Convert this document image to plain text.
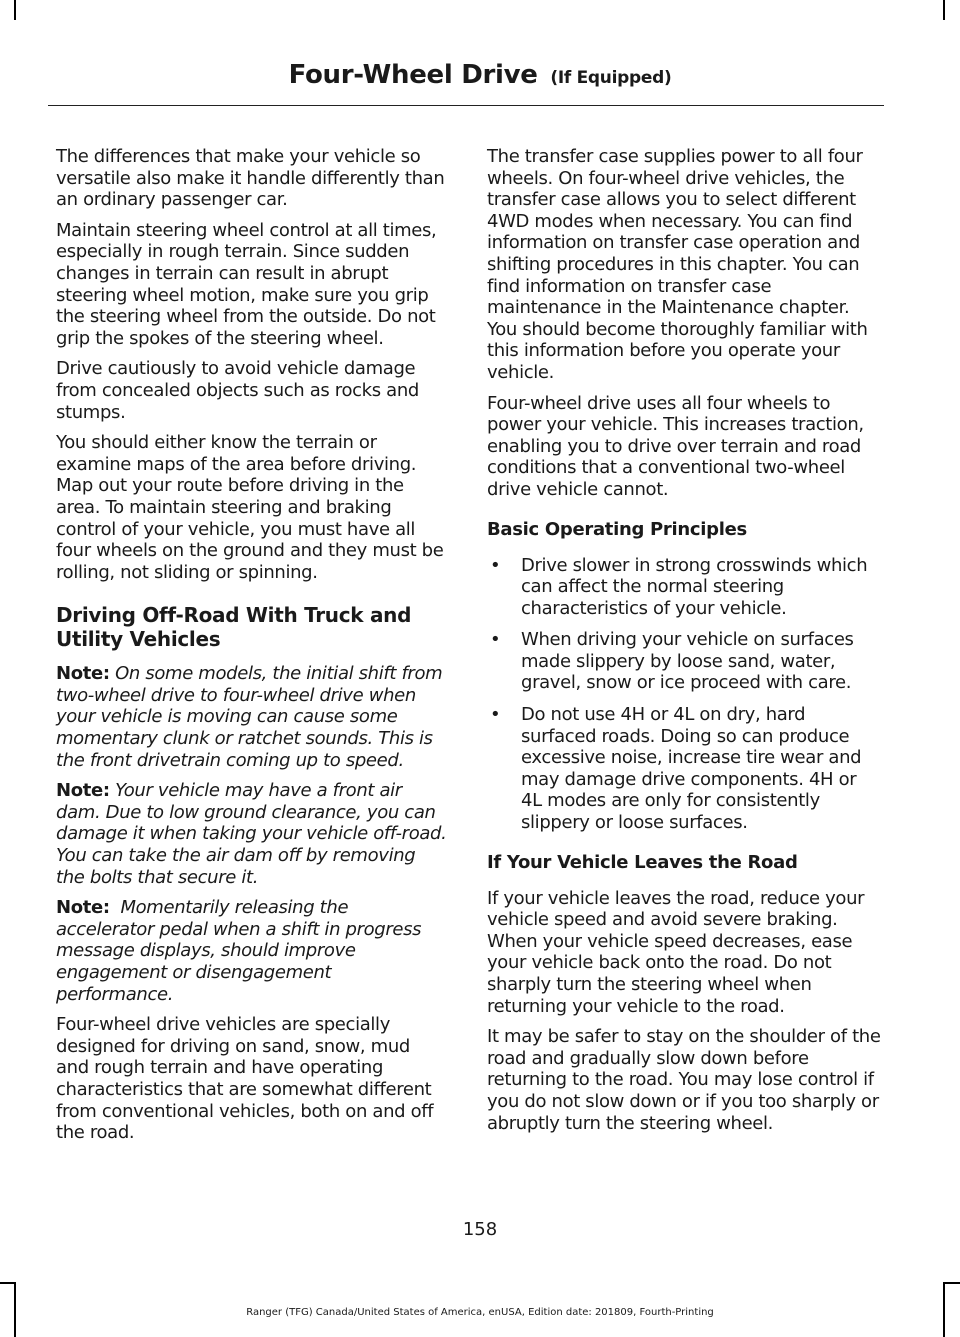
Four-Wheel Drive (If Equipped)

The differences that make your vehicle so versatile also make it handle differently than an ordinary passenger car.

Maintain steering wheel control at all times, especially in rough terrain. Since sudden changes in terrain can result in abrupt steering wheel motion, make sure you grip the steering wheel from the outside. Do not grip the spokes of the steering wheel.

Drive cautiously to avoid vehicle damage from concealed objects such as rocks and stumps.

You should either know the terrain or examine maps of the area before driving. Map out your route before driving in the area. To maintain steering and braking control of your vehicle, you must have all four wheels on the ground and they must be rolling, not sliding or spinning.

Driving Off-Road With Truck and Utility Vehicles

Note: On some models, the initial shift from two-wheel drive to four-wheel drive when your vehicle is moving can cause some momentary clunk or ratchet sounds. This is the front drivetrain coming up to speed.

Note: Your vehicle may have a front air dam. Due to low ground clearance, you can damage it when taking your vehicle off-road. You can take the air dam off by removing the bolts that secure it.

Note:  Momentarily releasing the accelerator pedal when a shift in progress message displays, should improve engagement or disengagement performance.

Four-wheel drive vehicles are specially designed for driving on sand, snow, mud and rough terrain and have operating characteristics that are somewhat different from conventional vehicles, both on and off the road.

The transfer case supplies power to all four wheels. On four-wheel drive vehicles, the transfer case allows you to select different 4WD modes when necessary. You can find information on transfer case operation and shifting procedures in this chapter. You can find information on transfer case maintenance in the Maintenance chapter. You should become thoroughly familiar with this information before you operate your vehicle.

Four-wheel drive uses all four wheels to power your vehicle. This increases traction, enabling you to drive over terrain and road conditions that a conventional two-wheel drive vehicle cannot.

Basic Operating Principles
• Drive slower in strong crosswinds which can affect the normal steering characteristics of your vehicle.
• When driving your vehicle on surfaces made slippery by loose sand, water, gravel, snow or ice proceed with care.
• Do not use 4H or 4L on dry, hard surfaced roads. Doing so can produce excessive noise, increase tire wear and may damage drive components. 4H or 4L modes are only for consistently slippery or loose surfaces.
If Your Vehicle Leaves the Road

If your vehicle leaves the road, reduce your vehicle speed and avoid severe braking. When your vehicle speed decreases, ease your vehicle back onto the road. Do not sharply turn the steering wheel when returning your vehicle to the road.

It may be safer to stay on the shoulder of the road and gradually slow down before returning to the road. You may lose control if you do not slow down or if you too sharply or abruptly turn the steering wheel.

158
Ranger (TFG) Canada/United States of America, enUSA, Edition date: 201809, Fourth-Printing
